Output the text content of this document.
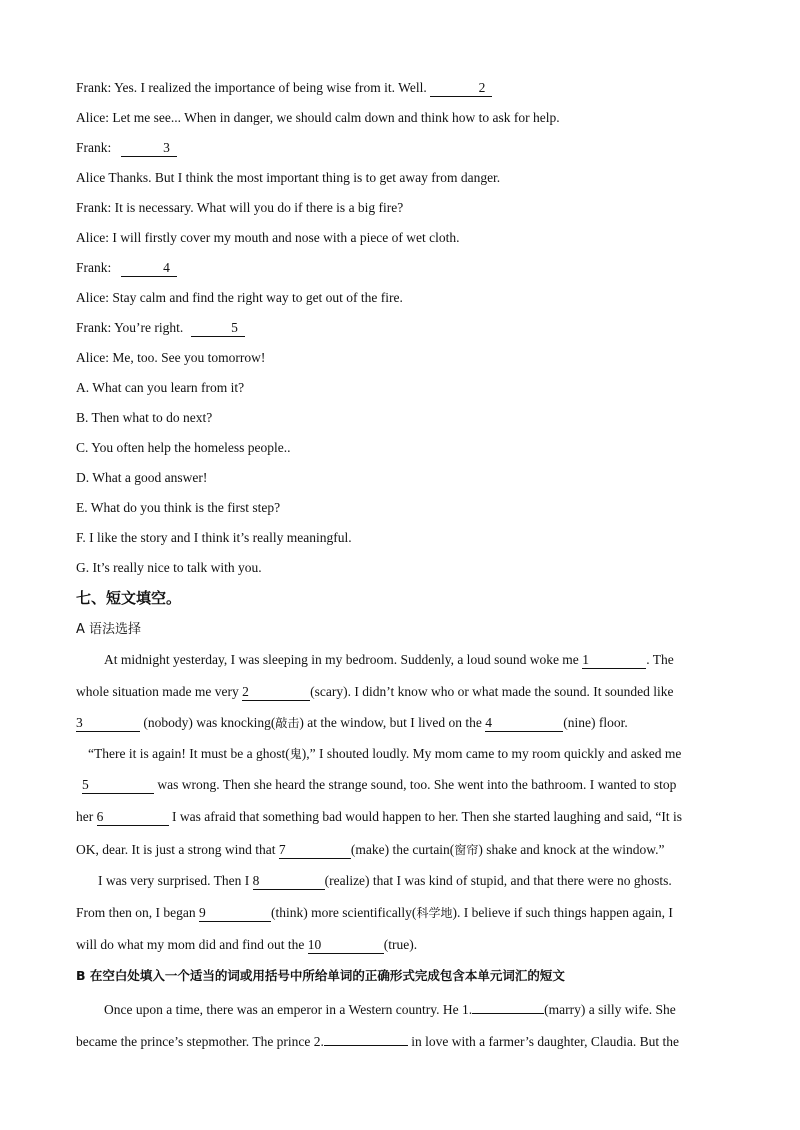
Frank: Yes. I realized the importance of being wise from it. Well.	2
Alice: Let me see... When in danger, we should calm down and think how to ask for help.
Frank:	3
Alice Thanks. But I think the most important thing is to get away from danger.
Frank: It is necessary. What will you do if there is a big fire?
Alice: I will firstly cover my mouth and nose with a piece of wet cloth.
Frank:	4
Alice: Stay calm and find the right way to get out of the fire.
Frank: You’re right.	5
Alice: Me, too. See you tomorrow!
A. What can you learn from it?
B. Then what to do next?
C. You often help the homeless people..
D. What a good answer!
E. What do you think is the first step?
F. I like the story and I think it’s really meaningful.
G. It’s really nice to talk with you.
七、短文填空。
A 语法选择
At midnight yesterday, I was sleeping in my bedroom. Suddenly, a loud sound woke me 1	. The
whole situation made me very 2	(scary). I didn’t know who or what made the sound. It sounded like
3	(nobody) was knocking(敲击) at the window, but I lived on the 4	(nine) floor.
“There it is again! It must be a ghost(鬼),” I shouted loudly. My mom came to my room quickly and asked me
5	was wrong. Then she heard the strange sound, too. She went into the bathroom. I wanted to stop
her 6	I was afraid that something bad would happen to her. Then she started laughing and said, “It is
OK, dear. It is just a strong wind that 7	(make) the curtain(窗帘) shake and knock at the window.”
I was very surprised. Then I 8	(realize) that I was kind of stupid, and that there were no ghosts.
From then on, I began 9	(think) more scientifically(科学地). I believe if such things happen again, I
will do what my mom did and find out the 10	(true).
B 在空白处填入一个适当的词或用括号中所给单词的正确形式完成包含本单元词汇的短文
Once upon a time, there was an emperor in a Western country. He 1.	(marry) a silly wife. She
became the prince’s stepmother. The prince 2.	in love with a farmer’s daughter, Claudia. But the
